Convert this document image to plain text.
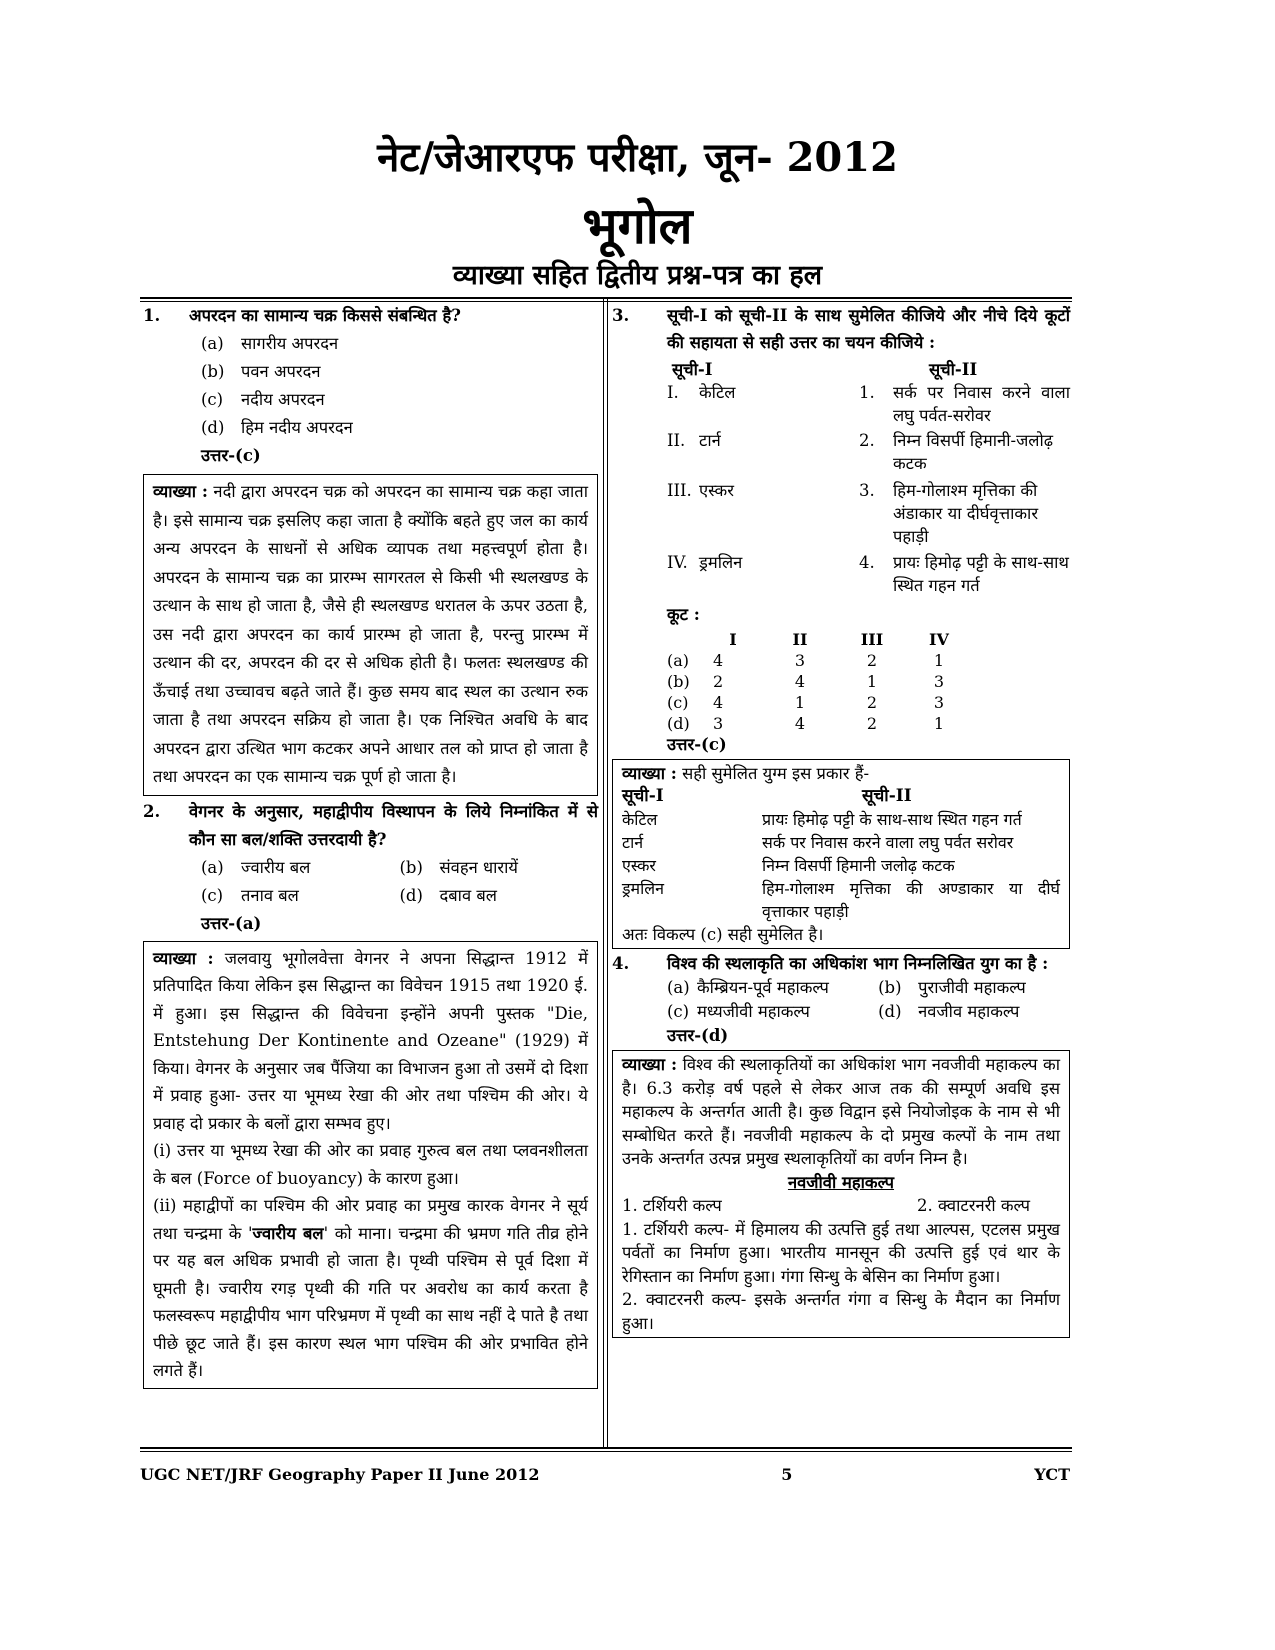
नेट/जेआरएफ परीक्षा, जून- 2012
भूगोल
व्याख्या सहित द्वितीय प्रश्न-पत्र का हल
1.	अपरदन का सामान्य चक्र किससे संबन्धित है?
(a) सागरीय अपरदन
(b) पवन अपरदन
(c) नदीय अपरदन
(d) हिम नदीय अपरदन
उत्तर-(c)
व्याख्या : नदी द्वारा अपरदन चक्र को अपरदन का सामान्य चक्र कहा जाता है। इसे सामान्य चक्र इसलिए कहा जाता है क्योंकि बहते हुए जल का कार्य अन्य अपरदन के साधनों से अधिक व्यापक तथा महत्त्वपूर्ण होता है। अपरदन के सामान्य चक्र का प्रारम्भ सागरतल से किसी भी स्थलखण्ड के उत्थान के साथ हो जाता है, जैसे ही स्थलखण्ड धरातल के ऊपर उठता है, उस नदी द्वारा अपरदन का कार्य प्रारम्भ हो जाता है, परन्तु प्रारम्भ में उत्थान की दर, अपरदन की दर से अधिक होती है। फलतः स्थलखण्ड की ऊँचाई तथा उच्चावच बढ़ते जाते हैं। कुछ समय बाद स्थल का उत्थान रुक जाता है तथा अपरदन सक्रिय हो जाता है। एक निश्चित अवधि के बाद अपरदन द्वारा उत्थित भाग कटकर अपने आधार तल को प्राप्त हो जाता है तथा अपरदन का एक सामान्य चक्र पूर्ण हो जाता है।
2.	वेगनर के अनुसार, महाद्वीपीय विस्थापन के लिये निम्नांकित में से कौन सा बल/शक्ति उत्तरदायी है?
(a) ज्वारीय बल	(b) संवहन धारायें
(c) तनाव बल	(d) दबाव बल
उत्तर-(a)
व्याख्या : जलवायु भूगोलवेत्ता वेगनर ने अपना सिद्धान्त 1912 में प्रतिपादित किया लेकिन इस सिद्धान्त का विवेचन 1915 तथा 1920 ई. में हुआ। इस सिद्धान्त की विवेचना इन्होंने अपनी पुस्तक "Die, Entstehung Der Kontinente and Ozeane" (1929) में किया। वेगनर के अनुसार जब पैंजिया का विभाजन हुआ तो उसमें दो दिशा में प्रवाह हुआ- उत्तर या भूमध्य रेखा की ओर तथा पश्चिम की ओर। ये प्रवाह दो प्रकार के बलों द्वारा सम्भव हुए।
(i) उत्तर या भूमध्य रेखा की ओर का प्रवाह गुरुत्व बल तथा प्लवनशीलता के बल (Force of buoyancy) के कारण हुआ।
(ii) महाद्वीपों का पश्चिम की ओर प्रवाह का प्रमुख कारक वेगनर ने सूर्य तथा चन्द्रमा के 'ज्वारीय बल' को माना। चन्द्रमा की भ्रमण गति तीव्र होने पर यह बल अधिक प्रभावी हो जाता है। पृथ्वी पश्चिम से पूर्व दिशा में घूमती है। ज्वारीय रगड़ पृथ्वी की गति पर अवरोध का कार्य करता है फलस्वरूप महाद्वीपीय भाग परिभ्रमण में पृथ्वी का साथ नहीं दे पाते है तथा पीछे छूट जाते हैं। इस कारण स्थल भाग पश्चिम की ओर प्रभावित होने लगते हैं।
3.	सूची-I को सूची-II के साथ सुमेलित कीजिये और नीचे दिये कूटों की सहायता से सही उत्तर का चयन कीजिये :
सूची-I		सूची-II	
I.	केटिल	1.	सर्क पर निवास करने वाला लघु पर्वत-सरोवर
II.	टार्न	2.	निम्न विसर्पी हिमानी-जलोढ़ कटक
III.	एस्कर	3.	हिम-गोलाश्म मृत्तिका की अंडाकार या दीर्घवृत्ताकार पहाड़ी
IV.	ड्रमलिन	4.	प्रायः हिमोढ़ पट्टी के साथ-साथ स्थित गहन गर्त
कूट :
	I	II	III	IV
(a)	4	3	2	1
(b)	2	4	1	3
(c)	4	1	2	3
(d)	3	4	2	1
उत्तर-(c)
व्याख्या : सही सुमेलित युग्म इस प्रकार हैं-
सूची-I	सूची-II
केटिल	प्रायः हिमोढ़ पट्टी के साथ-साथ स्थित गहन गर्त
टार्न	सर्क पर निवास करने वाला लघु पर्वत सरोवर
एस्कर	निम्न विसर्पी हिमानी जलोढ़ कटक
ड्रमलिन	हिम-गोलाश्म मृत्तिका की अण्डाकार या दीर्घ वृत्ताकार पहाड़ी
अतः विकल्प (c) सही सुमेलित है।
4.	विश्व की स्थलाकृति का अधिकांश भाग निम्नलिखित युग का है :
(a) कैम्ब्रियन-पूर्व महाकल्प	(b) पुराजीवी महाकल्प
(c) मध्यजीवी महाकल्प	(d) नवजीव महाकल्प
उत्तर-(d)
व्याख्या : विश्व की स्थलाकृतियों का अधिकांश भाग नवजीवी महाकल्प का है। 6.3 करोड़ वर्ष पहले से लेकर आज तक की सम्पूर्ण अवधि इस महाकल्प के अन्तर्गत आती है। कुछ विद्वान इसे नियोजोइक के नाम से भी सम्बोधित करते हैं। नवजीवी महाकल्प के दो प्रमुख कल्पों के नाम तथा उनके अन्तर्गत उत्पन्न प्रमुख स्थलाकृतियों का वर्णन निम्न है।
नवजीवी महाकल्प
1. टर्शियरी कल्प	2. क्वाटरनरी कल्प
1. टर्शियरी कल्प- में हिमालय की उत्पत्ति हुई तथा आल्पस, एटलस प्रमुख पर्वतों का निर्माण हुआ। भारतीय मानसून की उत्पत्ति हुई एवं थार के रेगिस्तान का निर्माण हुआ। गंगा सिन्धु के बेसिन का निर्माण हुआ।
2. क्वाटरनरी कल्प- इसके अन्तर्गत गंगा व सिन्धु के मैदान का निर्माण हुआ।
UGC NET/JRF Geography Paper II June 2012	5	YCT
